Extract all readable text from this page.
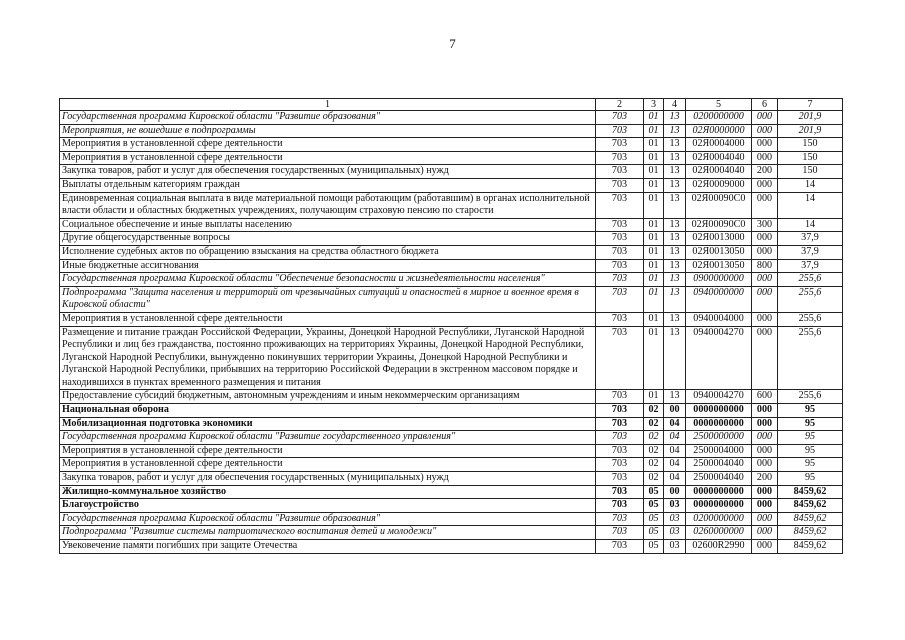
7
1	2	3	4	5	6	7
Государственная программа Кировской области "Развитие образования"	703	01	13	0200000000	000	201,9
Мероприятия, не вошедшие в подпрограммы	703	01	13	02Я0000000	000	201,9
Мероприятия в установленной сфере деятельности	703	01	13	02Я0004000	000	150
Мероприятия в установленной сфере деятельности	703	01	13	02Я0004040	000	150
Закупка товаров, работ и услуг для обеспечения государственных (муниципальных) нужд	703	01	13	02Я0004040	200	150
Выплаты отдельным категориям граждан	703	01	13	02Я0009000	000	14
Единовременная социальная выплата в виде материальной помощи работающим (работавшим) в органах исполнительной власти области и областных бюджетных учреждениях, получающим страховую пенсию по старости	703	01	13	02Я00090С0	000	14
Социальное обеспечение и иные выплаты населению	703	01	13	02Я00090С0	300	14
Другие общегосударственные вопросы	703	01	13	02Я0013000	000	37,9
Исполнение судебных актов по обращению взыскания на средства областного бюджета	703	01	13	02Я0013050	000	37,9
Иные бюджетные ассигнования	703	01	13	02Я0013050	800	37,9
Государственная программа Кировской области "Обеспечение безопасности и жизнедеятельности населения"	703	01	13	0900000000	000	255,6
Подпрограмма "Защита населения и территорий от чрезвычайных ситуаций и опасностей в мирное и военное время в Кировской области"	703	01	13	0940000000	000	255,6
Мероприятия в установленной сфере деятельности	703	01	13	0940004000	000	255,6
Размещение и питание граждан Российской Федерации, Украины, Донецкой Народной Республики, Луганской Народной Республики и лиц без гражданства, постоянно проживающих на территориях Украины, Донецкой Народной Республики, Луганской Народной Республики, вынужденно покинувших территории Украины, Донецкой Народной Республики и Луганской Народной Республики, прибывших на территорию Российской Федерации в экстренном массовом порядке и находившихся в пунктах временного размещения и питания	703	01	13	0940004270	000	255,6
Предоставление субсидий бюджетным, автономным учреждениям и иным некоммерческим организациям	703	01	13	0940004270	600	255,6
Национальная оборона	703	02	00	0000000000	000	95
Мобилизационная подготовка экономики	703	02	04	0000000000	000	95
Государственная программа Кировской области "Развитие государственного управления"	703	02	04	2500000000	000	95
Мероприятия в установленной сфере деятельности	703	02	04	2500004000	000	95
Мероприятия в установленной сфере деятельности	703	02	04	2500004040	000	95
Закупка товаров, работ и услуг для обеспечения государственных (муниципальных) нужд	703	02	04	2500004040	200	95
Жилищно-коммунальное хозяйство	703	05	00	0000000000	000	8459,62
Благоустройство	703	05	03	0000000000	000	8459,62
Государственная программа Кировской области "Развитие образования"	703	05	03	0200000000	000	8459,62
Подпрограмма "Развитие системы патриотического воспитания детей и молодежи"	703	05	03	0260000000	000	8459,62
Увековечение памяти погибших при защите Отечества	703	05	03	02600R2990	000	8459,62
